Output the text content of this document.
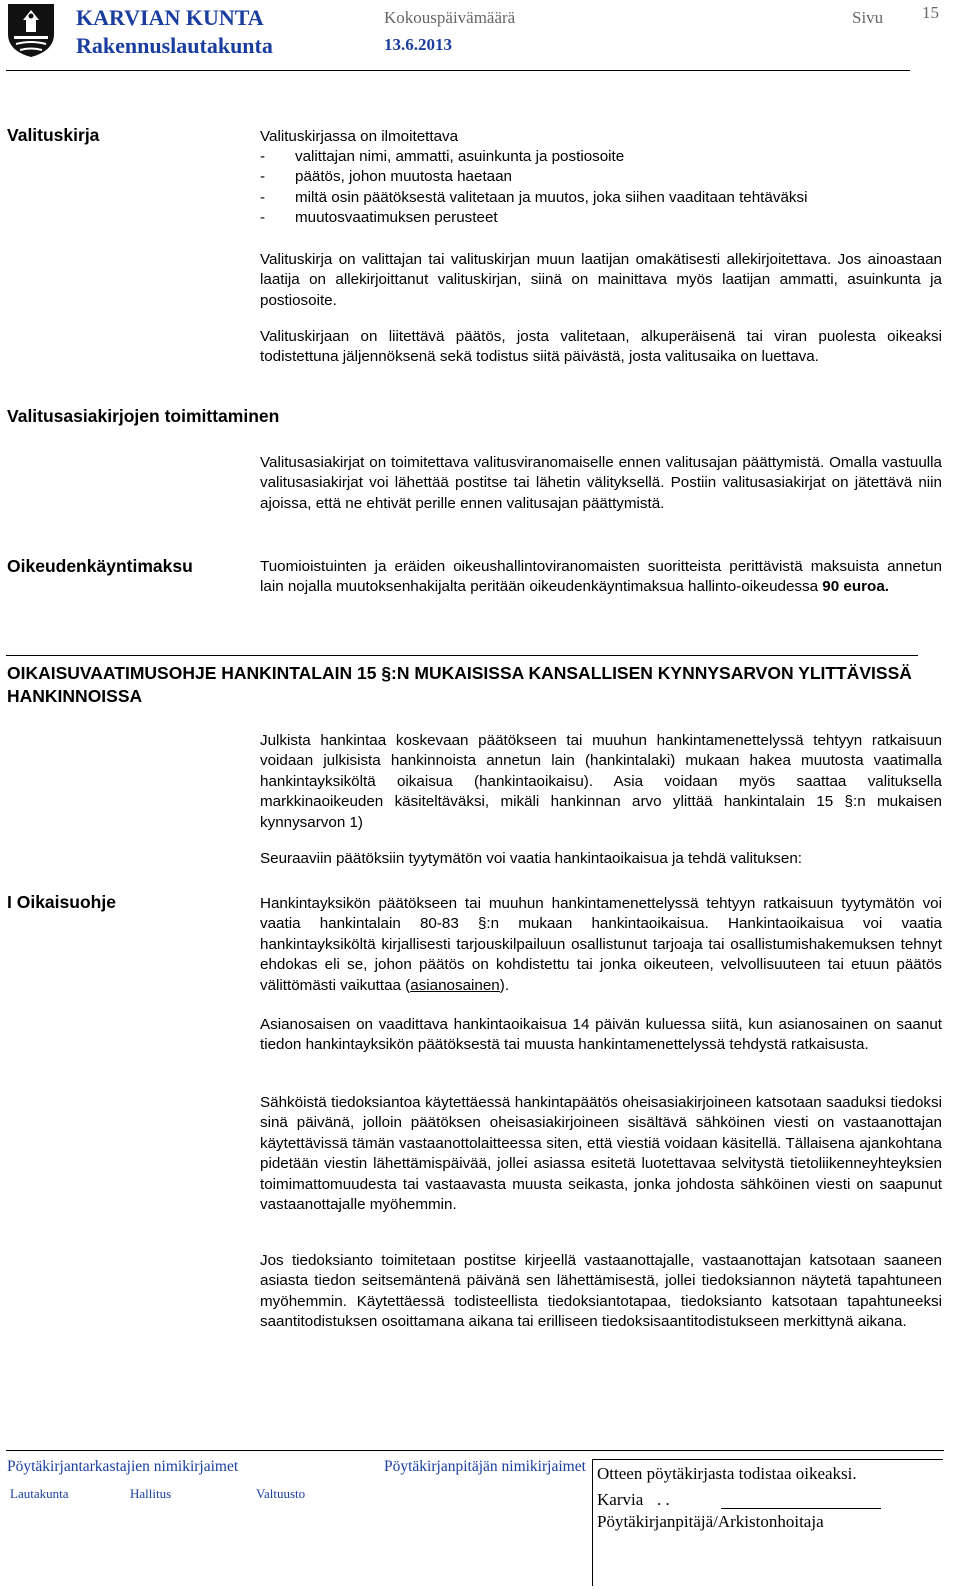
KARVIAN KUNTA
Rakennuslautakunta
Kokouspäivämäärä
13.6.2013
Sivu 15
Valituskirja	Valituskirjassa on ilmoitettava
- valittajan nimi, ammatti, asuinkunta ja postiosoite
- päätös, johon muutosta haetaan
- miltä osin päätöksestä valitetaan ja muutos, joka siihen vaaditaan tehtäväksi
- muutosvaatimuksen perusteet
Valituskirja on valittajan tai valituskirjan muun laatijan omakätisesti allekirjoitettava. Jos ainoastaan laatija on allekirjoittanut valituskirjan, siinä on mainittava myös laatijan ammatti, asuinkunta ja postiosoite.
Valituskirjaan on liitettävä päätös, josta valitetaan, alkuperäisenä tai viran puolesta oikeaksi todistettuna jäljennöksenä sekä todistus siitä päivästä, josta valitusaika on luettava.
Valitusasiakirjojen toimittaminen
Valitusasiakirjat on toimitettava valitusviranomaiselle ennen valitusajan päättymistä. Omalla vastuulla valitusasiakirjat voi lähettää postitse tai lähetin välityksellä. Postiin valitusasiakirjat on jätettävä niin ajoissa, että ne ehtivät perille ennen valitusajan päättymistä.
Oikeudenkäyntimaksu	Tuomioistuinten ja eräiden oikeushallintoviranomaisten suoritteista perittävistä maksuista annetun lain nojalla muutoksenhakijalta peritään oikeudenkäyntimaksua hallinto-oikeudessa 90 euroa.
OIKAISUVAATIMUSOHJE HANKINTALAIN 15 §:N MUKAISISSA KANSALLISEN KYNNYSARVON YLITTÄVISSÄ HANKINNOISSA
Julkista hankintaa koskevaan päätökseen tai muuhun hankintamenettelyssä tehtyyn ratkaisuun voidaan julkisista hankinnoista annetun lain (hankintalaki) mukaan hakea muutosta vaatimalla hankintayksiköltä oikaisua (hankintaoikaisu). Asia voidaan myös saattaa valituksella markkinaoikeuden käsiteltäväksi, mikäli hankinnan arvo ylittää hankintalain 15 §:n mukaisen kynnysarvon 1)
Seuraaviin päätöksiin tyytymätön voi vaatia hankintaoikaisua ja tehdä valituksen:
I Oikaisuohje	Hankintayksikön päätökseen tai muuhun hankintamenettelyssä tehtyyn ratkaisuun tyytymätön voi vaatia hankintalain 80-83 §:n mukaan hankintaoikaisua. Hankintaoikaisua voi vaatia hankintayksiköltä kirjallisesti tarjouskilpailuun osallistunut tarjoaja tai osallistumishakemuksen tehnyt ehdokas eli se, johon päätös on kohdistettu tai jonka oikeuteen, velvollisuuteen tai etuun päätös välittömästi vaikuttaa (asianosainen).
Asianosaisen on vaadittava hankintaoikaisua 14 päivän kuluessa siitä, kun asianosainen on saanut tiedon hankintayksikön päätöksestä tai muusta hankintamenettelyssä tehdystä ratkaisusta.
Sähköistä tiedoksiantoa käytettäessä hankintapäätös oheisasiakirjoineen katsotaan saaduksi tiedoksi sinä päivänä, jolloin päätöksen oheisasiakirjoineen sisältävä sähköinen viesti on vastaanottajan käytettävissä tämän vastaanottolaitteessa siten, että viestiä voidaan käsitellä. Tällaisena ajankohtana pidetään viestin lähettämispäivää, jollei asiassa esitetä luotettavaa selvitystä tietoliikenneyhteyksien toimimattomuudesta tai vastaavasta muusta seikasta, jonka johdosta sähköinen viesti on saapunut vastaanottajalle myöhemmin.
Jos tiedoksianto toimitetaan postitse kirjeellä vastaanottajalle, vastaanottajan katsotaan saaneen asiasta tiedon seitsemäntenä päivänä sen lähettämisestä, jollei tiedoksiannon näytetä tapahtuneen myöhemmin. Käytettäessä todisteellista tiedoksiantotapaa, tiedoksianto katsotaan tapahtuneeksi saantitodistuksen osoittamana aikana tai erilliseen tiedoksisaantitodistukseen merkittynä aikana.
Pöytäkirjantarkastajien nimikirjaimet	Pöytäkirjanpitäjän nimikirjaimet
Lautakunta	Hallitus	Valtuusto
Otteen pöytäkirjasta todistaa oikeaksi.
Karvia . .
Pöytäkirjanpitäjä/Arkistonhoitaja
